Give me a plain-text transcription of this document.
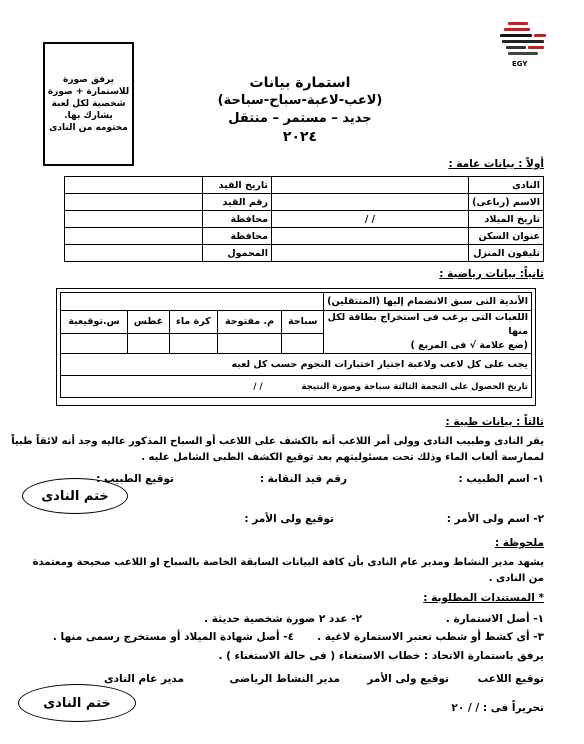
EGY
يرفق صورة
للاستمارة + صورة
شخصية لكل لعبة
يشارك بها.
مختومه من النادى
استمارة بيانات
(لاعب-لاعبة-سباح-سباحة)
جديد – مستمر – منتقل
٢٠٢٤
أولاً : بيانات عامة :
النادى		تاريخ القيد	
الاسم (رباعى)		رقم القيد	
تاريخ الميلاد	/ /	محافظة	
عنوان السكن		محافظة	
تليفون المنزل		المحمول	
ثانياً: بيانات رياضية :
الأندية التى سبق الانضمام إليها (المنتقلين)					

اللعبات التى يرغب فى استخراج بطاقة لكل منها
(ضع علامة √ فى المربع )	سباحة	م. مفتوحة	كرة ماء	غطس	س.توقيعية

يجب على كل لاعب ولاعبة اجتياز اختبارات النجوم حسب كل لعبه					
تاريخ الحصول على النجمة الثالثة سباحة وصورة النتيجة / /					
ثالثاً : بيانات طبية :
يقر النادى وطبيب النادى وولى أمر اللاعب أنه بالكشف على اللاعب أو السباح المذكور عاليه وجد أنه لائقاً طبياً
لممارسة ألعاب الماء وذلك تحت مسئوليتهم بعد توقيع الكشف الطبى الشامل عليه .
١- اسم الطبيب :
رقم قيد النقابة :
توقيع الطبيب :
ختم النادى
٢- اسم ولى الأمر :
توقيع ولى الأمر :
ملحوظة :
يشهد مدير النشاط ومدير عام النادى بأن كافة البيانات السابقة الخاصة بالسباح او اللاعب صحيحة ومعتمدة
من النادى .
* المستندات المطلوبة :
١- أصل الاستمارة .
٢- عدد ٢ صورة شخصية حديثة .
٣- أى كشط أو شطب تعتبر الاستمارة لاغية .
٤- أصل شهادة الميلاد أو مستخرج رسمى منها .
يرفق باستمارة الاتحاد : خطاب الاستغناء ( فى حالة الاستغناء ) .
توقيع اللاعب
توقيع ولى الأمر
مدير النشاط الرياضى
مدير عام النادى
ختم النادى	تحريراً فى : / / ٢٠
